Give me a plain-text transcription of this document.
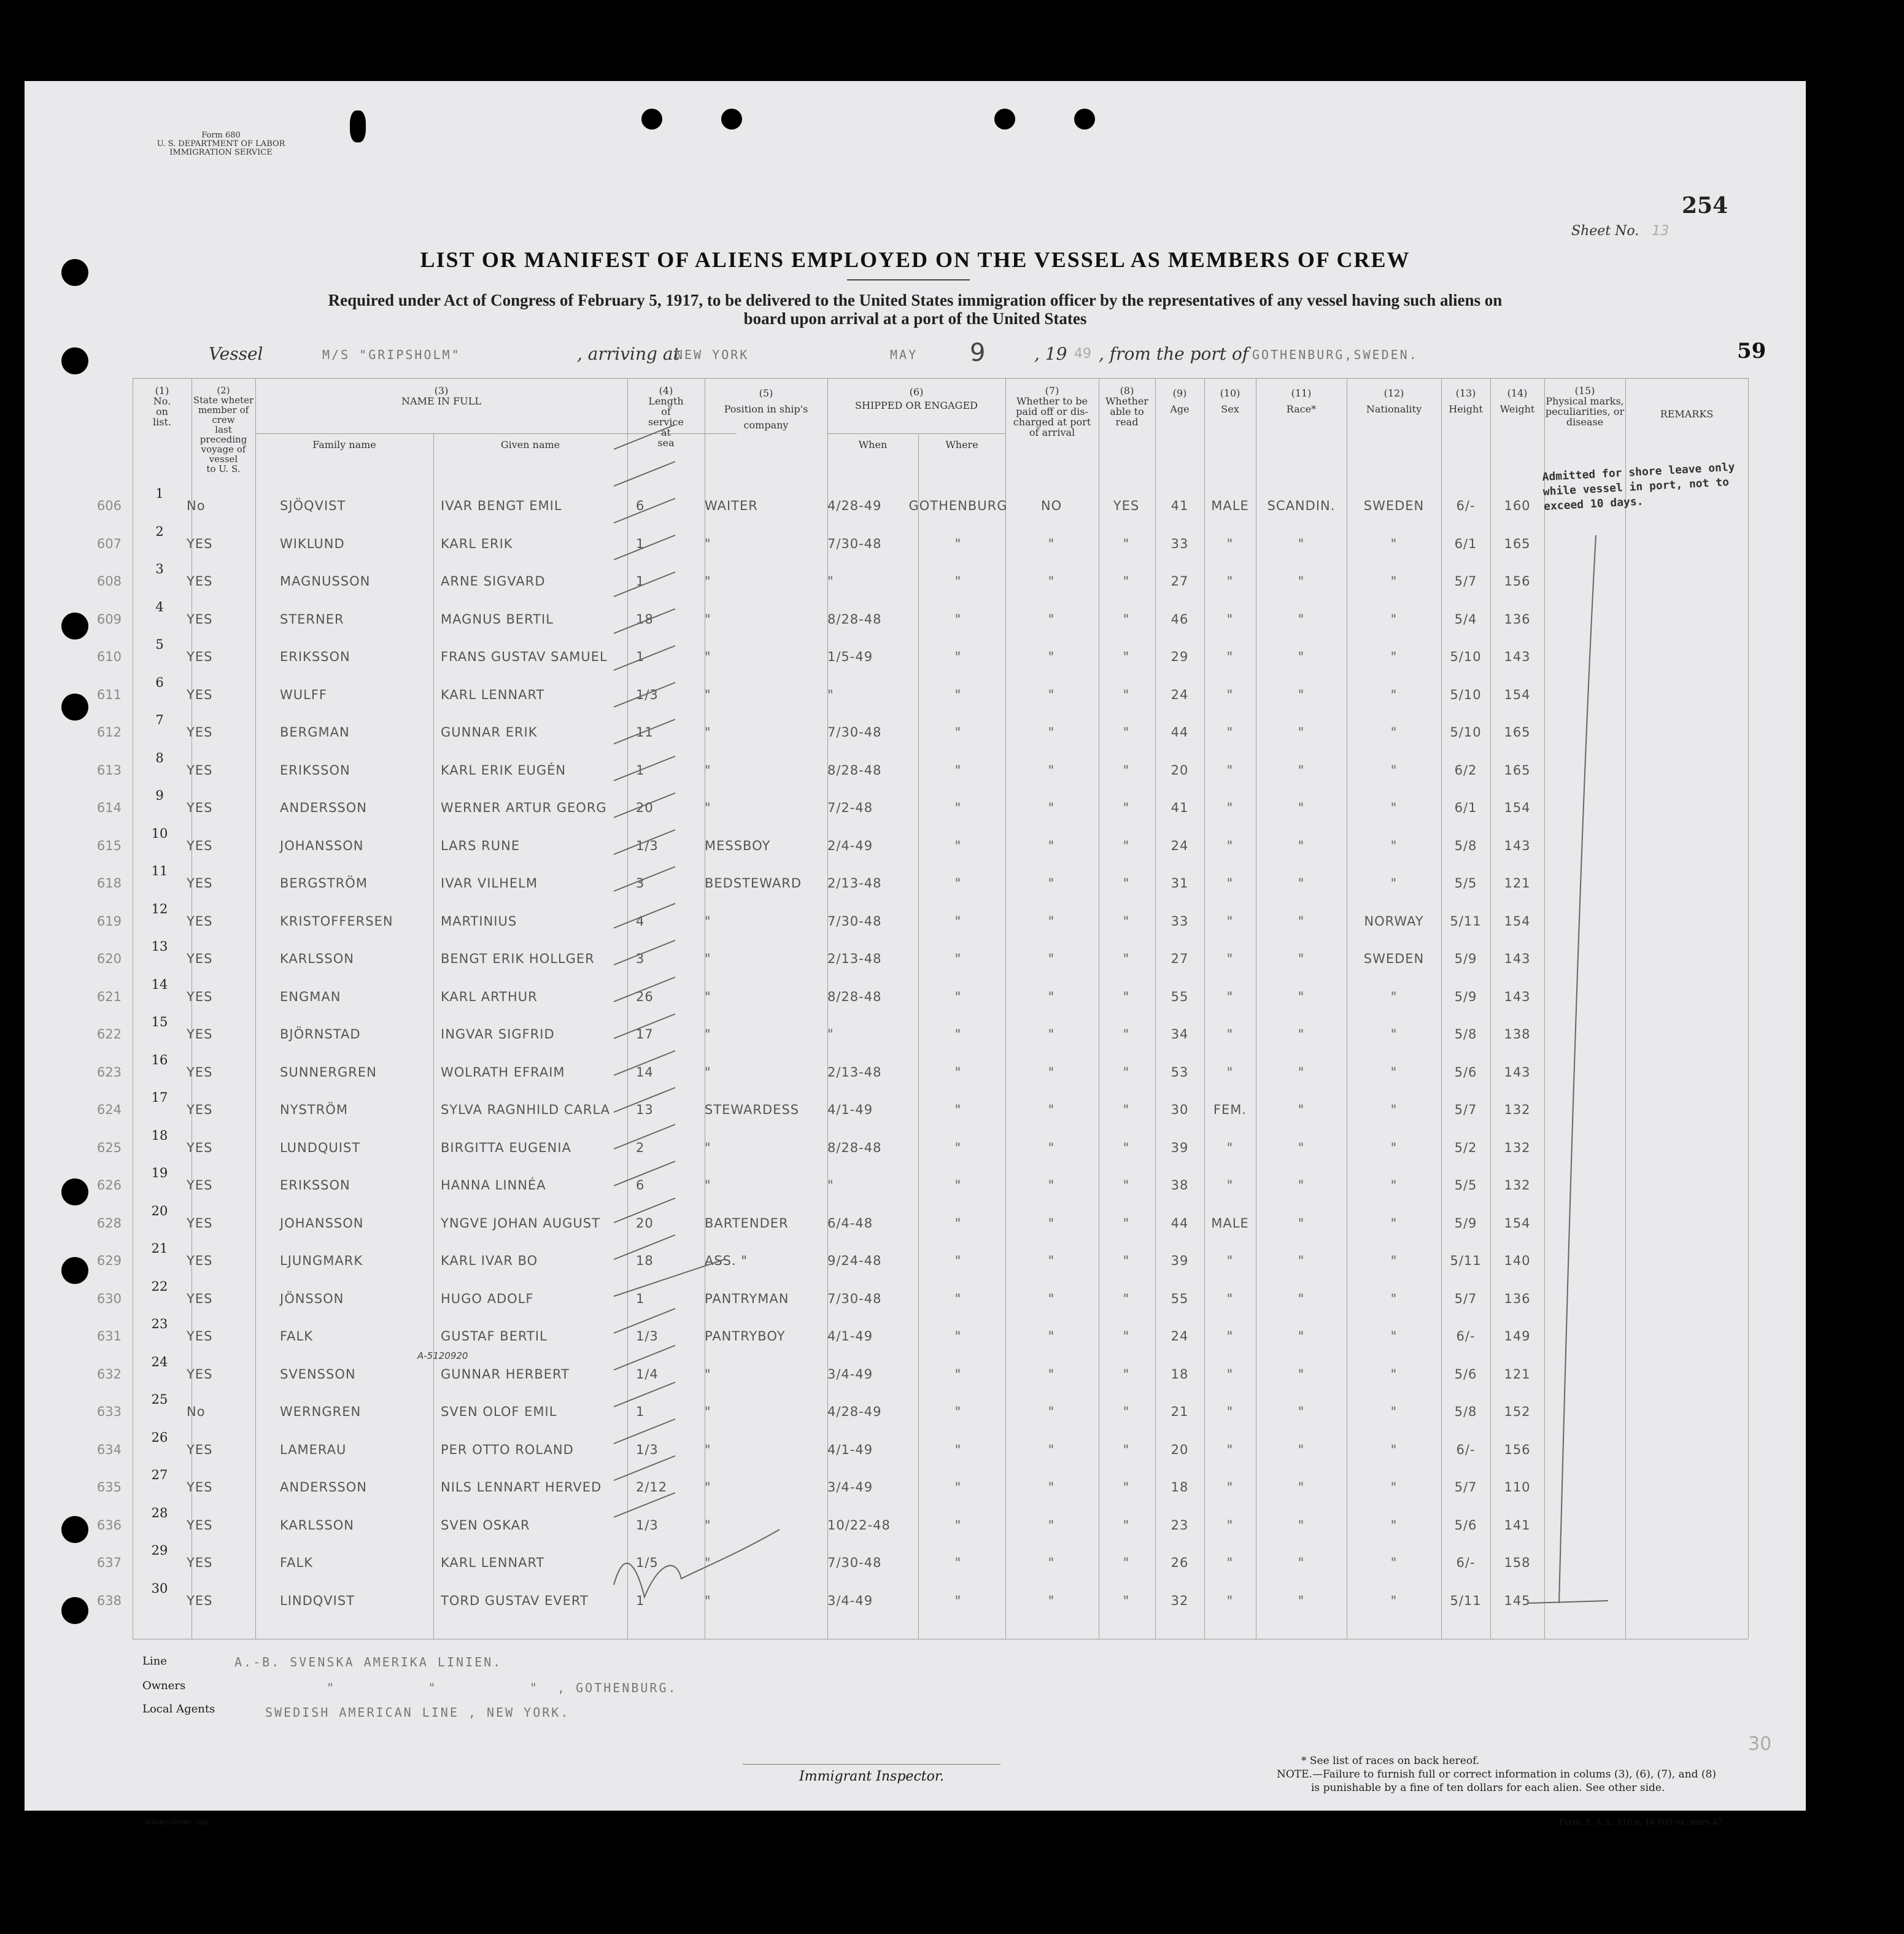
Form 680
U. S. DEPARTMENT OF LABOR
IMMIGRATION SERVICE
Sheet No. 13
254
LIST OR MANIFEST OF ALIENS EMPLOYED ON THE VESSEL AS MEMBERS OF CREW
Required under Act of Congress of February 5, 1917, to be delivered to the United States immigration officer by the representatives of any vessel having such aliens on
board upon arrival at a port of the United States
Vessel	M/S "GRIPSHOLM"	, arriving at
NEW YORK	MAY 9	, 19 49 , from the port of GOTHENBURG,SWEDEN.	59
(1)
No.
on
list.
(2)
State wheter
member of crew
last preceding
voyage of vessel
to U. S.
(3)
NAME IN FULL
Family name	Given name
(4)
Length
of
service
at
sea
(5)
Position in ship's
company
(6)
SHIPPED OR ENGAGED
When	Where
(7)
Whether to be
paid off or dis-
charged at port
of arrival
(8)
Whether
able to
read
(9)
Age
(10)
Sex
(11)
Race*
(12)
Nationality
(13)
Height
(14)
Weight
(15)
Physical marks,
peculiarities, or
disease
REMARKS
Admitted for shore leave only
while vessel in port, not to
exceed 10 days.
606
1
No	SJÖQVIST	IVAR BENGT EMIL	6	WAITER	4/28-49	GOTHENBURG	NO	YES	41	MALE	SCANDIN.	SWEDEN	6/-	160
607
2
YES	WIKLUND	KARL ERIK	1	"	7/30-48	"	"	"	33	"	"	"	6/1	165
608
3
YES	MAGNUSSON	ARNE SIGVARD	1	"	"	"	"	"	27	"	"	"	5/7	156
609
4
YES	STERNER	MAGNUS BERTIL	18	"	8/28-48	"	"	"	46	"	"	"	5/4	136
610
5
YES	ERIKSSON	FRANS GUSTAV SAMUEL	1	"	1/5-49	"	"	"	29	"	"	"	5/10	143
611
6
YES	WULFF	KARL LENNART	1/3	"	"	"	"	"	24	"	"	"	5/10	154
612
7
YES	BERGMAN	GUNNAR ERIK	11	"	7/30-48	"	"	"	44	"	"	"	5/10	165
613
8
YES	ERIKSSON	KARL ERIK EUGÉN	1	"	8/28-48	"	"	"	20	"	"	"	6/2	165
614
9
YES	ANDERSSON	WERNER ARTUR GEORG	20	"	7/2-48	"	"	"	41	"	"	"	6/1	154
615
10
YES	JOHANSSON	LARS RUNE	1/3	MESSBOY	2/4-49	"	"	"	24	"	"	"	5/8	143
618
11
YES	BERGSTRÖM	IVAR VILHELM	3	BEDSTEWARD	2/13-48	"	"	"	31	"	"	"	5/5	121
619
12
YES	KRISTOFFERSEN	MARTINIUS	4	"	7/30-48	"	"	"	33	"	"	NORWAY	5/11	154
620
13
YES	KARLSSON	BENGT ERIK HOLLGER	3	"	2/13-48	"	"	"	27	"	"	SWEDEN	5/9	143
621
14
YES	ENGMAN	KARL ARTHUR	26	"	8/28-48	"	"	"	55	"	"	"	5/9	143
622
15
YES	BJÖRNSTAD	INGVAR SIGFRID	17	"	"	"	"	"	34	"	"	"	5/8	138
623
16
YES	SUNNERGREN	WOLRATH EFRAIM	14	"	2/13-48	"	"	"	53	"	"	"	5/6	143
624
17
YES	NYSTRÖM	SYLVA RAGNHILD CARLA	13	STEWARDESS	4/1-49	"	"	"	30	FEM.	"	"	5/7	132
625
18
YES	LUNDQUIST	BIRGITTA EUGENIA	2	"	8/28-48	"	"	"	39	"	"	"	5/2	132
626
19
YES	ERIKSSON	HANNA LINNÉA	6	"	"	"	"	"	38	"	"	"	5/5	132
628
20
YES	JOHANSSON	YNGVE JOHAN AUGUST	20	BARTENDER	6/4-48	"	"	"	44	MALE	"	"	5/9	154
629
21
YES	LJUNGMARK	KARL IVAR BO	18	ASS. "	9/24-48	"	"	"	39	"	"	"	5/11	140
630
22
YES	JÖNSSON	HUGO ADOLF	1	PANTRYMAN	7/30-48	"	"	"	55	"	"	"	5/7	136
631
23
YES	FALK	GUSTAF BERTIL	1/3	PANTRYBOY	4/1-49	"	"	"	24	"	"	"	6/-	149
632
24
YES	SVENSSON	GUNNAR HERBERT	1/4	"	3/4-49	"	"	"	18	"	"	"	5/6	121
633
25
No	WERNGREN	SVEN OLOF EMIL	1	"	4/28-49	"	"	"	21	"	"	"	5/8	152
634
26
YES	LAMERAU	PER OTTO ROLAND	1/3	"	4/1-49	"	"	"	20	"	"	"	6/-	156
635
27
YES	ANDERSSON	NILS LENNART HERVED	2/12	"	3/4-49	"	"	"	18	"	"	"	5/7	110
636
28
YES	KARLSSON	SVEN OSKAR	1/3	"	10/22-48	"	"	"	23	"	"	"	5/6	141
637
29
YES	FALK	KARL LENNART	1/5	"	7/30-48	"	"	"	26	"	"	"	6/-	158
638
30
YES	LINDQVIST	TORD GUSTAV EVERT	1	"	3/4-49	"	"	"	32	"	"	"	5/11	145
A-5120920
Line	A.-B. SVENSKA AMERIKA LINIEN.
Owners	"          "          "  , GOTHENBURG.
Local Agents	SWEDISH AMERICAN LINE , NEW YORK.
Immigrant Inspector.
30
* See list of races on back hereof.
NOTE.—Failure to furnish full or correct information in colums (3), (6), (7), and (8)
is punishable by a fine of ten dollars for each alien. See other side.
Form. S. A. L. 116 n. 10 000 ex. mars 47.
Stifabryckeriet, Gbg
